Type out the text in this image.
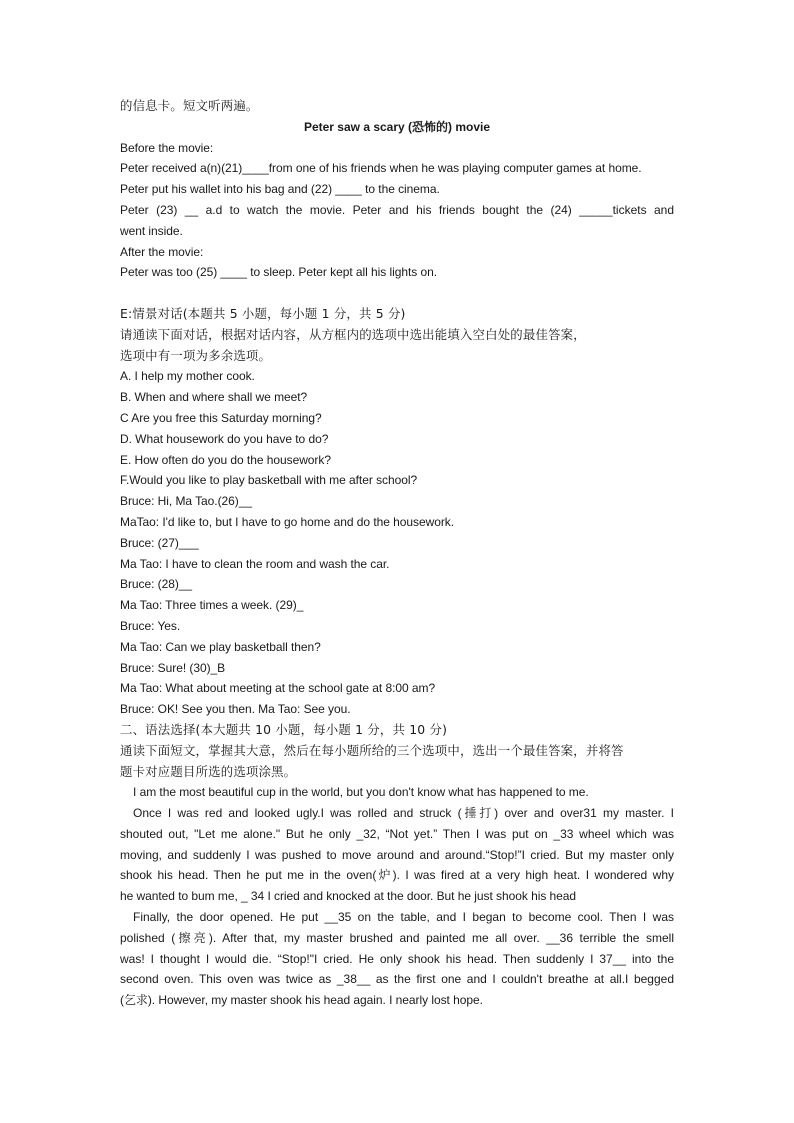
的信息卡。短文听两遍。
Peter saw a scary (恐怖的) movie
Before the movie:
Peter received a(n)(21)____from one of his friends when he was playing computer games at home.
Peter put his wallet into his bag and (22) ____ to the cinema.
Peter (23) __ a.d to watch the movie. Peter and his friends bought the (24) _____tickets and
went inside.
After the movie:
Peter was too (25) ____ to sleep. Peter kept all his lights on.
E:情景对话(本题共 5 小题，每小题 1 分，共 5 分)
请通读下面对话，根据对话内容，从方框内的选项中选出能填入空白处的最佳答案，
选项中有一项为多余选项。
A. I help my mother cook.
B. When and where shall we meet?
C Are you free this Saturday morning?
D. What housework do you have to do?
E. How often do you do the housework?
F.Would you like to play basketball with me after school?
Bruce: Hi, Ma Tao.(26)__
MaTao: I'd like to, but I have to go home and do the housework.
Bruce: (27)___
Ma Tao: I have to clean the room and wash the car.
Bruce: (28)__
Ma Tao: Three times a week. (29)_
Bruce: Yes.
Ma Tao: Can we play basketball then?
Bruce: Sure! (30)_B
Ma Tao: What about meeting at the school gate at 8:00 am?
Bruce: OK! See you then. Ma Tao: See you.
二、语法选择(本大题共 10 小题，每小题 1 分，共 10 分)
通读下面短文，掌握其大意，然后在每小题所给的三个选项中，选出一个最佳答案，并将答
题卡对应题目所选的选项涂黑。
I am the most beautiful cup in the world, but you don't know what has happened to me.
Once I was red and looked ugly.I was rolled and struck (捶打) over and over31 my master. I
shouted out, "Let me alone." But he only _32, “Not yet.” Then I was put on _33 wheel which was
moving, and suddenly I was pushed to move around and around.“Stop!”I cried. But my master only
shook his head. Then he put me in the oven(炉). I was fired at a very high heat. I wondered why
he wanted to bum me, _ 34 I cried and knocked at the door. But he just shook his head
Finally, the door opened. He put __35 on the table, and I began to become cool. Then I was
polished (擦亮). After that, my master brushed and painted me all over. __36 terrible the smell
was! I thought I would die. “Stop!"I cried. He only shook his head. Then suddenly I 37__ into the
second oven. This oven was twice as _38__ as the first one and I couldn't breathe at all.I begged
(乞求). However, my master shook his head again. I nearly lost hope.
